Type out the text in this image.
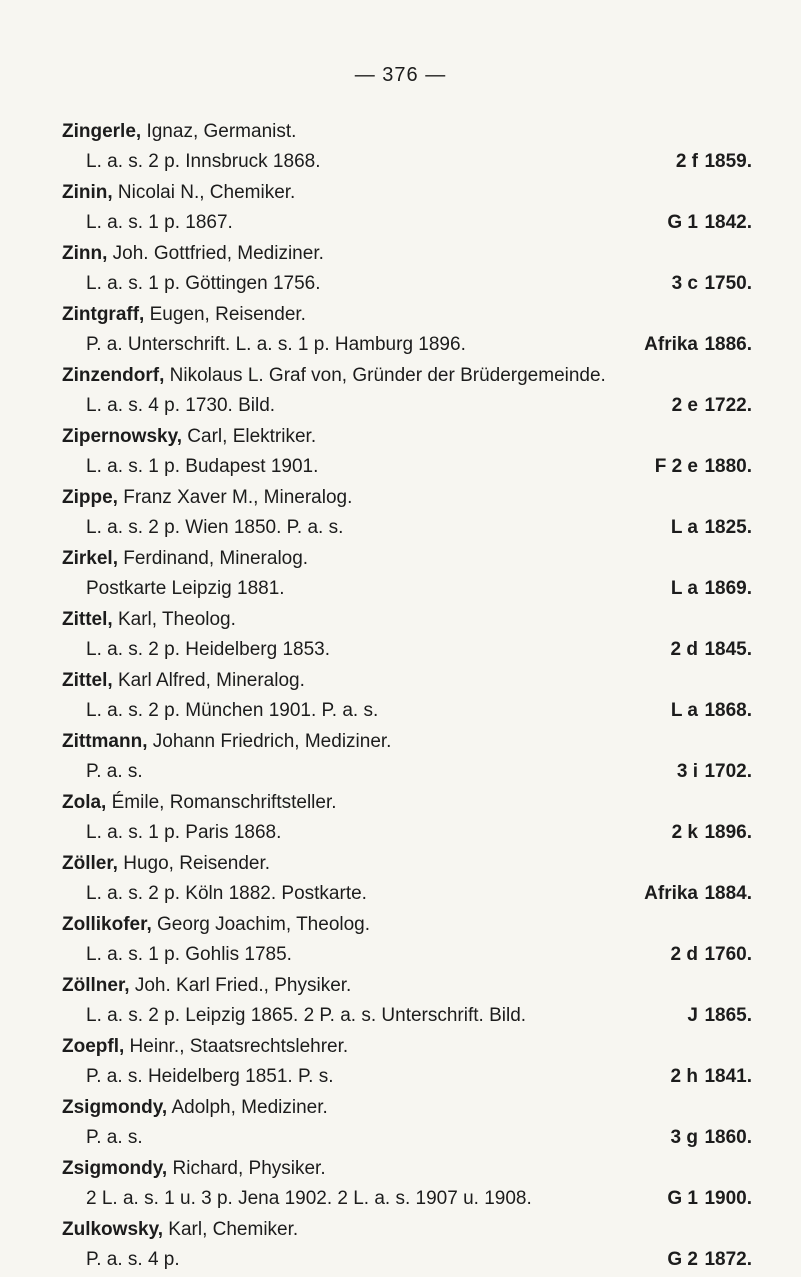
— 376 —
Zingerle, Ignaz, Germanist.
L. a. s. 2 p. Innsbruck 1868.	2 f 1859.
Zinin, Nicolai N., Chemiker.
L. a. s. 1 p. 1867.	G 1 1842.
Zinn, Joh. Gottfried, Mediziner.
L. a. s. 1 p. Göttingen 1756.	3 c 1750.
Zintgraff, Eugen, Reisender.
P. a. Unterschrift. L. a. s. 1 p. Hamburg 1896.	Afrika 1886.
Zinzendorf, Nikolaus L. Graf von, Gründer der Brüdergemeinde.
L. a. s. 4 p. 1730. Bild.	2 e 1722.
Zipernowsky, Carl, Elektriker.
L. a. s. 1 p. Budapest 1901.	F 2 e 1880.
Zippe, Franz Xaver M., Mineralog.
L. a. s. 2 p. Wien 1850. P. a. s.	L a 1825.
Zirkel, Ferdinand, Mineralog.
Postkarte Leipzig 1881.	L a 1869.
Zittel, Karl, Theolog.
L. a. s. 2 p. Heidelberg 1853.	2 d 1845.
Zittel, Karl Alfred, Mineralog.
L. a. s. 2 p. München 1901. P. a. s.	L a 1868.
Zittmann, Johann Friedrich, Mediziner.
P. a. s.	3 i 1702.
Zola, Émile, Romanschriftsteller.
L. a. s. 1 p. Paris 1868.	2 k 1896.
Zöller, Hugo, Reisender.
L. a. s. 2 p. Köln 1882. Postkarte.	Afrika 1884.
Zollikofer, Georg Joachim, Theolog.
L. a. s. 1 p. Gohlis 1785.	2 d 1760.
Zöllner, Joh. Karl Fried., Physiker.
L. a. s. 2 p. Leipzig 1865. 2 P. a. s. Unterschrift. Bild.	J 1865.
Zoepfl, Heinr., Staatsrechtslehrer.
P. a. s. Heidelberg 1851. P. s.	2 h 1841.
Zsigmondy, Adolph, Mediziner.
P. a. s.	3 g 1860.
Zsigmondy, Richard, Physiker.
2 L. a. s. 1 u. 3 p. Jena 1902. 2 L. a. s. 1907 u. 1908.	G 1 1900.
Zulkowsky, Karl, Chemiker.
P. a. s. 4 p.	G 2 1872.
